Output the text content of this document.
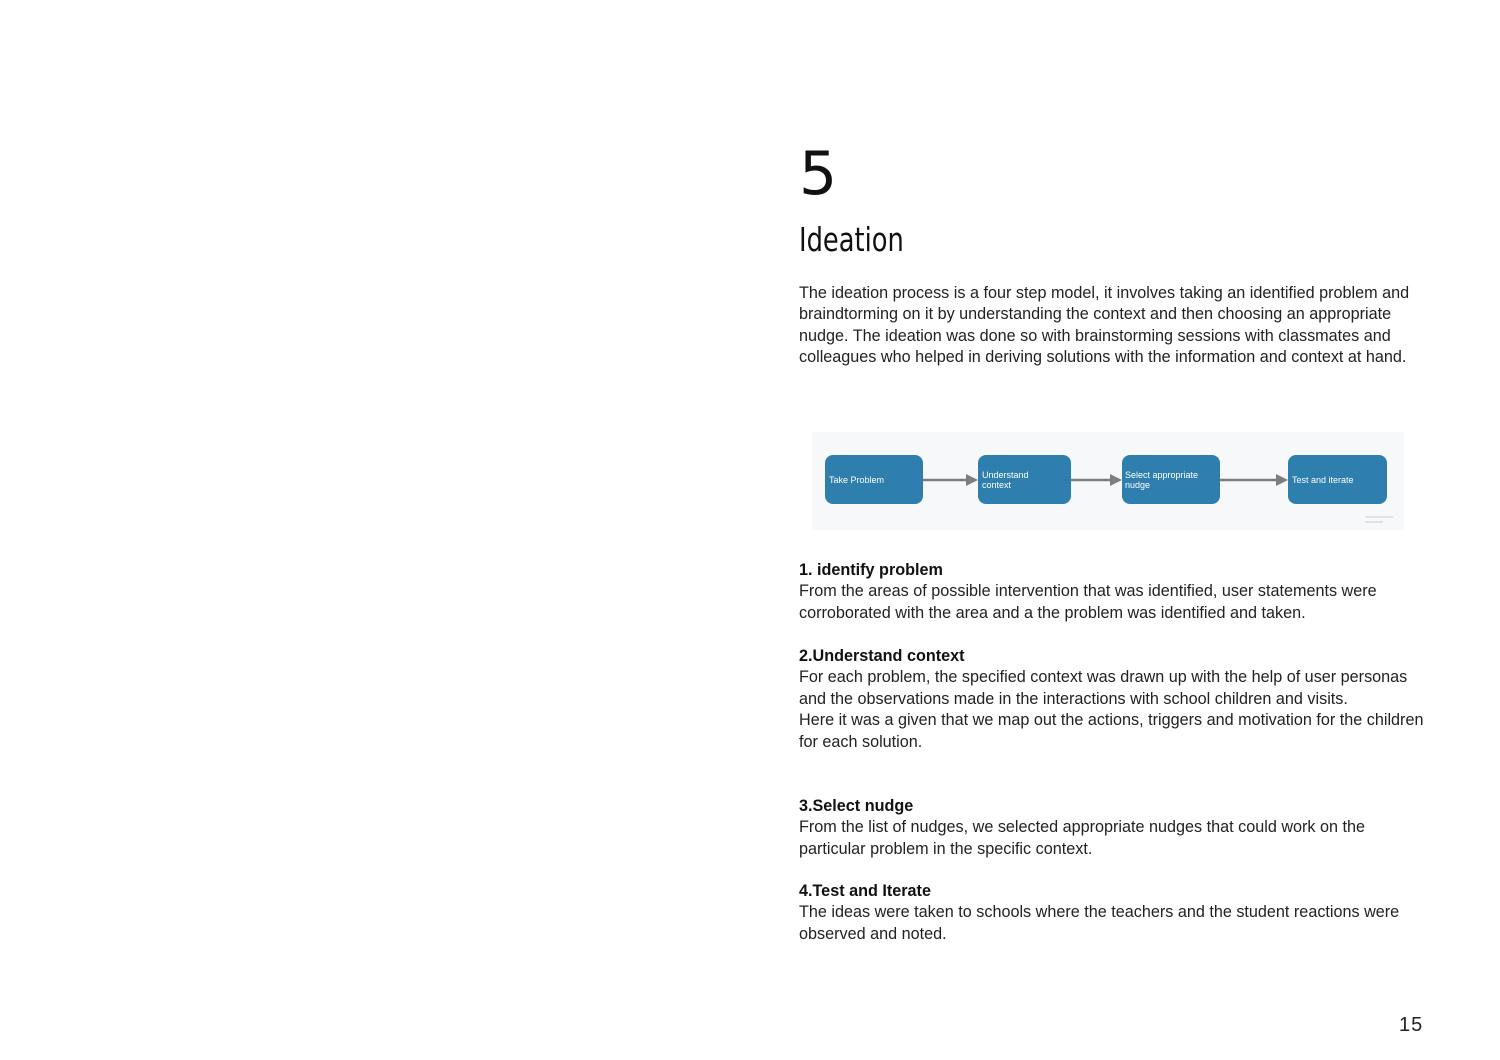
5
Ideation

The ideation process is a four step model, it involves taking an identified problem and braindtorming on it by understanding the context and then choosing an appropriate nudge. The ideation was done so with brainstorming sessions with classmates and colleagues who helped in deriving solutions with the information and context at hand.

Take Problem	Understand
context
Select appropriate
nudge	Test and iterate

1. identify problem

From the areas of possible intervention that was identified, user statements were corroborated with the area and a the problem was identified and taken.

2.Understand context

For each problem, the specified context was drawn up with the help of user personas and the observations made in the interactions with school children and visits.

Here it was a given that we map out the actions, triggers and motivation for the children for each solution.

3.Select nudge

From the list of nudges, we selected appropriate nudges that could work on the particular problem in the specific context.

4.Test and Iterate

The ideas were taken to schools where the teachers and the student reactions were observed and noted.

15
